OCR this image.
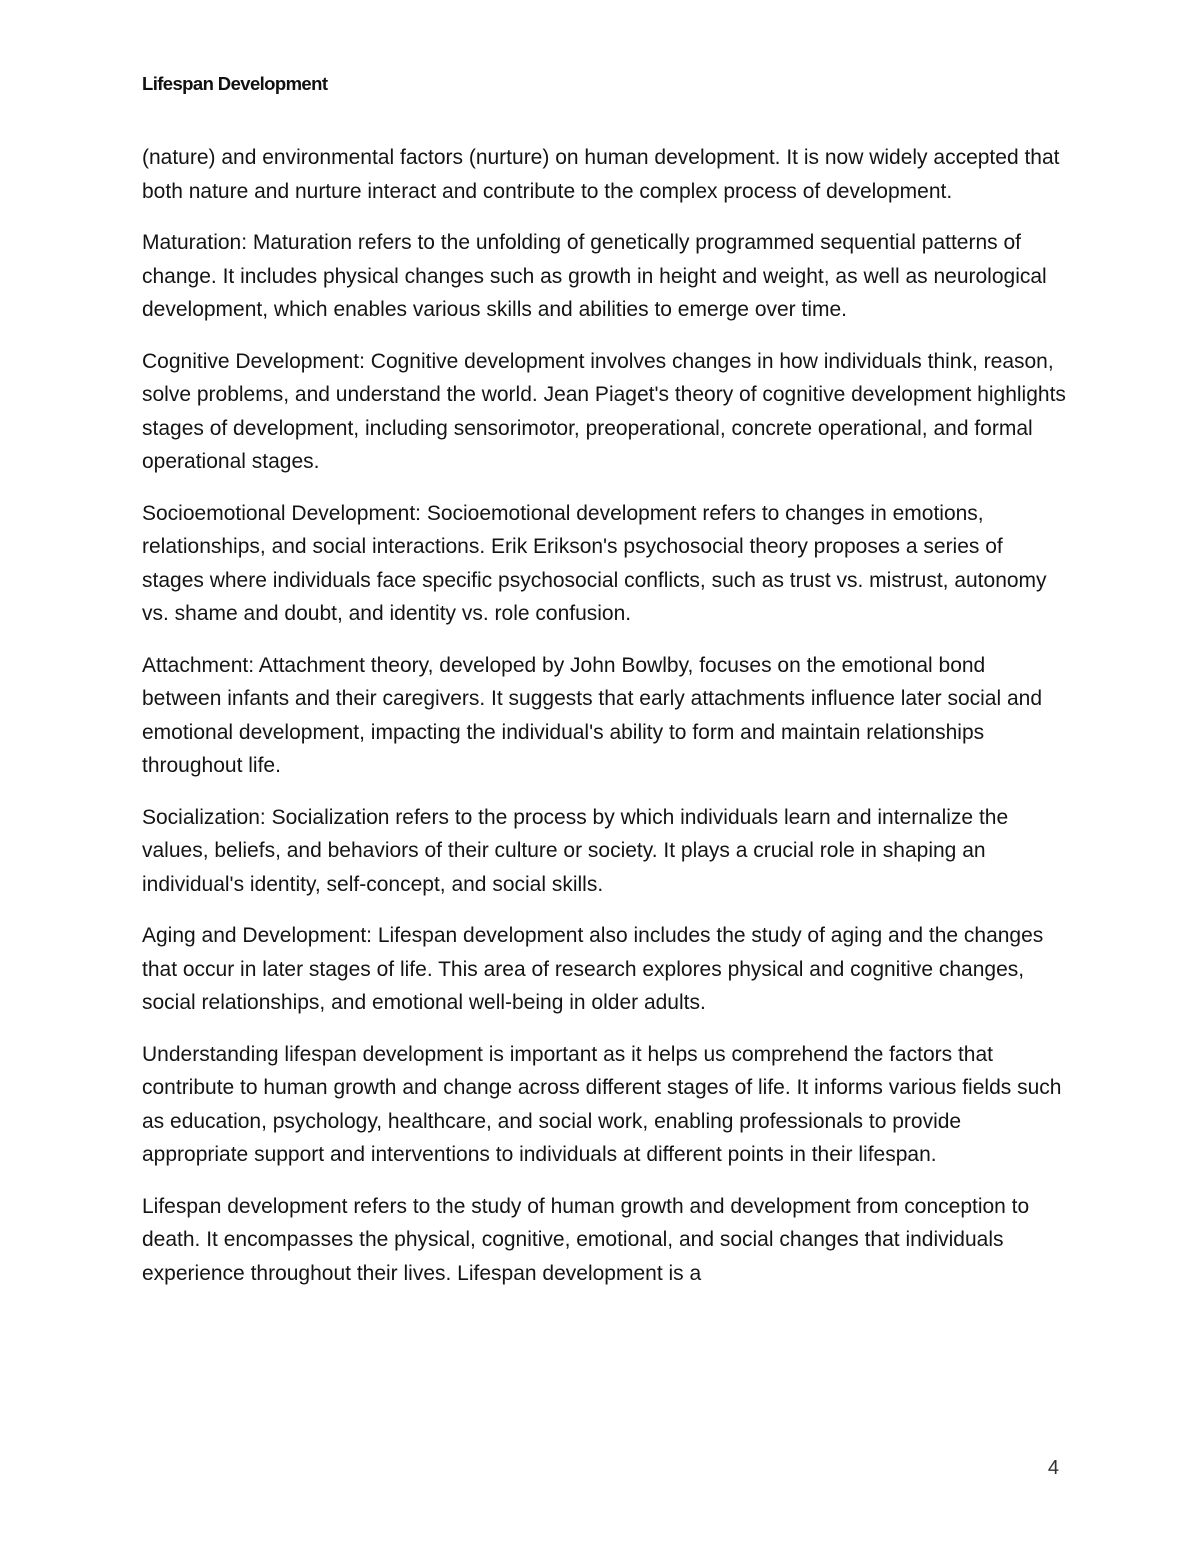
Lifespan Development

(nature) and environmental factors (nurture) on human development. It is now widely accepted that both nature and nurture interact and contribute to the complex process of development.

Maturation: Maturation refers to the unfolding of genetically programmed sequential patterns of change. It includes physical changes such as growth in height and weight, as well as neurological development, which enables various skills and abilities to emerge over time.

Cognitive Development: Cognitive development involves changes in how individuals think, reason, solve problems, and understand the world. Jean Piaget's theory of cognitive development highlights stages of development, including sensorimotor, preoperational, concrete operational, and formal operational stages.

Socioemotional Development: Socioemotional development refers to changes in emotions, relationships, and social interactions. Erik Erikson's psychosocial theory proposes a series of stages where individuals face specific psychosocial conflicts, such as trust vs. mistrust, autonomy vs. shame and doubt, and identity vs. role confusion.

Attachment: Attachment theory, developed by John Bowlby, focuses on the emotional bond between infants and their caregivers. It suggests that early attachments influence later social and emotional development, impacting the individual's ability to form and maintain relationships throughout life.

Socialization: Socialization refers to the process by which individuals learn and internalize the values, beliefs, and behaviors of their culture or society. It plays a crucial role in shaping an individual's identity, self-concept, and social skills.

Aging and Development: Lifespan development also includes the study of aging and the changes that occur in later stages of life. This area of research explores physical and cognitive changes, social relationships, and emotional well-being in older adults.

Understanding lifespan development is important as it helps us comprehend the factors that contribute to human growth and change across different stages of life. It informs various fields such as education, psychology, healthcare, and social work, enabling professionals to provide appropriate support and interventions to individuals at different points in their lifespan.

Lifespan development refers to the study of human growth and development from conception to death. It encompasses the physical, cognitive, emotional, and social changes that individuals experience throughout their lives. Lifespan development is a

4
